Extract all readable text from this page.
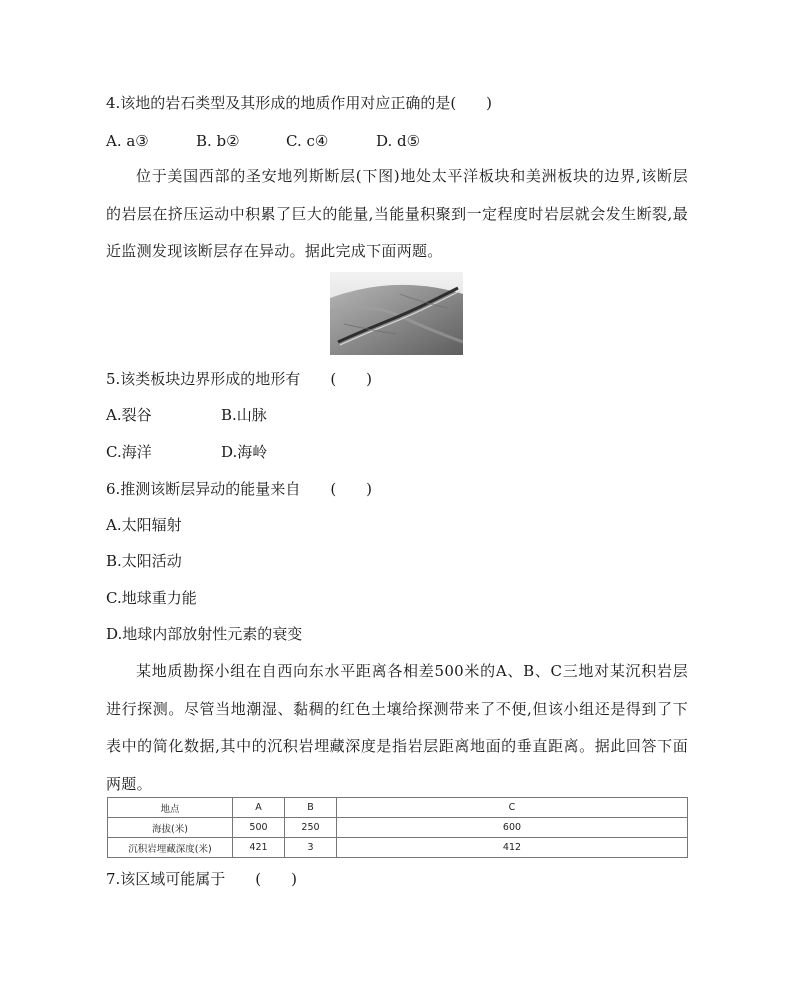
4.该地的岩石类型及其形成的地质作用对应正确的是(　　)
A. a③	B. b②	C. c④	D. d⑤
位于美国西部的圣安地列斯断层(下图)地处太平洋板块和美洲板块的边界,该断层的岩层在挤压运动中积累了巨大的能量,当能量积聚到一定程度时岩层就会发生断裂,最近监测发现该断层存在异动。据此完成下面两题。
5.该类板块边界形成的地形有　　(　　)
A.裂谷	B.山脉
C.海洋	D.海岭
6.推测该断层异动的能量来自　　(　　)
A.太阳辐射
B.太阳活动
C.地球重力能
D.地球内部放射性元素的衰变
某地质勘探小组在自西向东水平距离各相差500米的A、B、C三地对某沉积岩层进行探测。尽管当地潮湿、黏稠的红色土壤给探测带来了不便,但该小组还是得到了下表中的简化数据,其中的沉积岩埋藏深度是指岩层距离地面的垂直距离。据此回答下面两题。
地点	A	B	C
海拔(米)	500	250	600
沉积岩埋藏深度(米)	421	3	412
7.该区域可能属于　　(　　)
